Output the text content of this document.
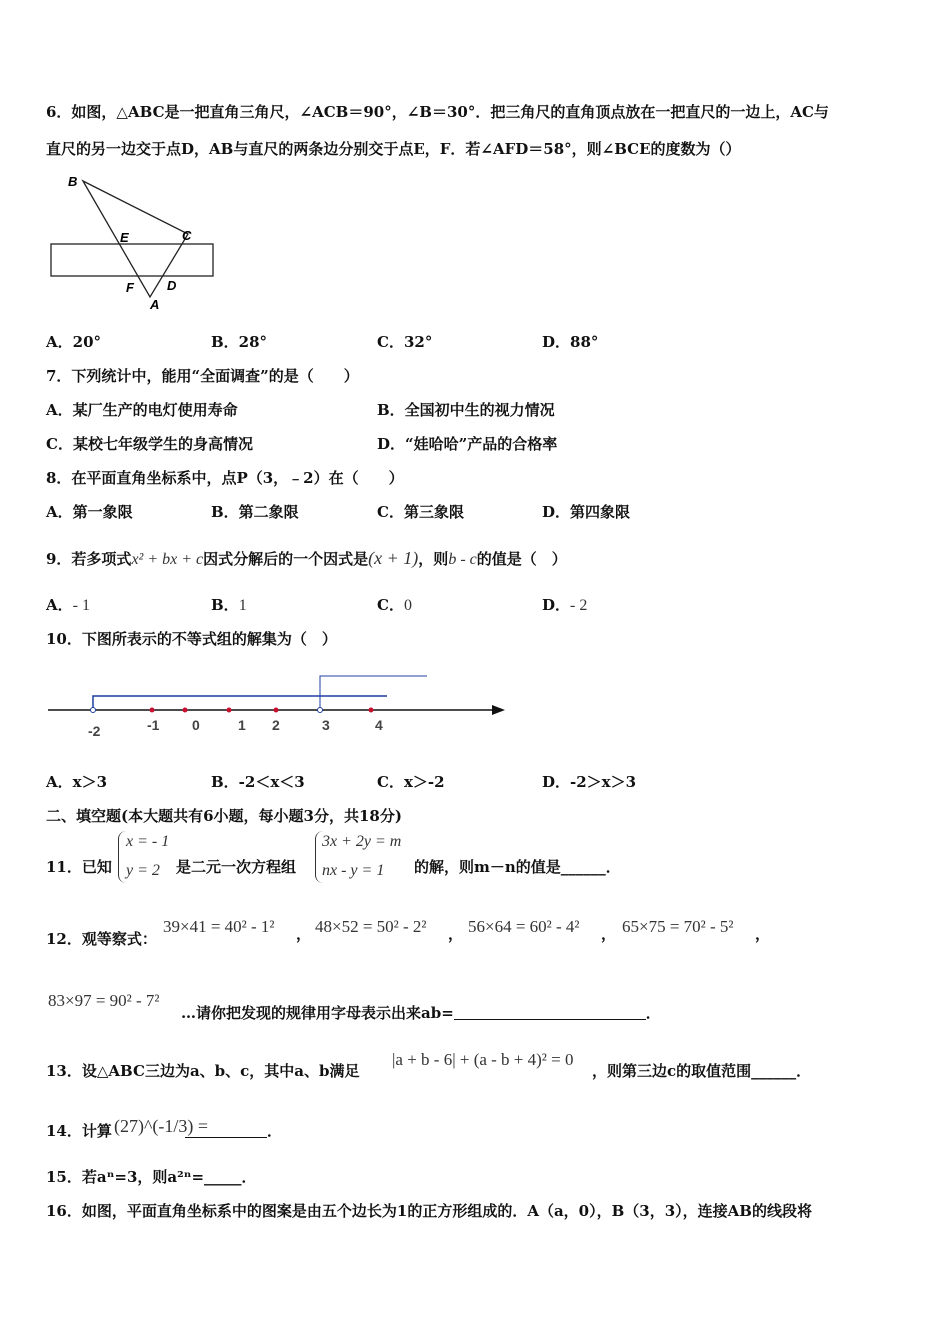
6．如图，△ABC是一把直角三角尺，∠ACB＝90°，∠B＝30°．把三角尺的直角顶点放在一把直尺的一边上，AC与
直尺的另一边交于点D，AB与直尺的两条边分别交于点E，F．若∠AFD＝58°，则∠BCE的度数为（）
B
E	C
F	D
A
A．20°	B．28°	C．32°	D．88°
7．下列统计中，能用“全面调查”的是（　　）
A．某厂生产的电灯使用寿命	B．全国初中生的视力情况
C．某校七年级学生的身高情况	D．“娃哈哈”产品的合格率
8．在平面直角坐标系中，点P（3，﹣2）在（　　）
A．第一象限	B．第二象限	C．第三象限	D．第四象限
9．若多项式x² + bx + c因式分解后的一个因式是(x + 1)，则b - c的值是（　）
A．- 1	B．1	C．0	D．- 2
10．下图所表示的不等式组的解集为（　）
-2	-1 0	1 2	3	4
A．x＞3	B．-2＜x＜3	C．x＞-2	D．-2＞x＞3
二、填空题(本大题共有6小题，每小题3分，共18分)
11．已知
x = - 1
y = 2 是二元一次方程组
3x + 2y = m
nx - y = 1 的解，则m－n的值是______．
12．观等察式：
39×41 = 40² - 1² ， 48×52 = 50² - 2² ， 56×64 = 60² - 4² ， 65×75 = 70² - 5² ，
83×97 = 90² - 7²
…请你把发现的规律用字母表示出来ab=	．
13．设△ABC三边为a、b、c，其中a、b满足
|a + b - 6| + (a - b + 4)² = 0
，则第三边c的取值范围______．
14．计算 (27)^(-1/3) =	．
15．若aⁿ=3，则a²ⁿ=_____．
16．如图，平面直角坐标系中的图案是由五个边长为1的正方形组成的．A（a，0），B（3，3），连接AB的线段将
